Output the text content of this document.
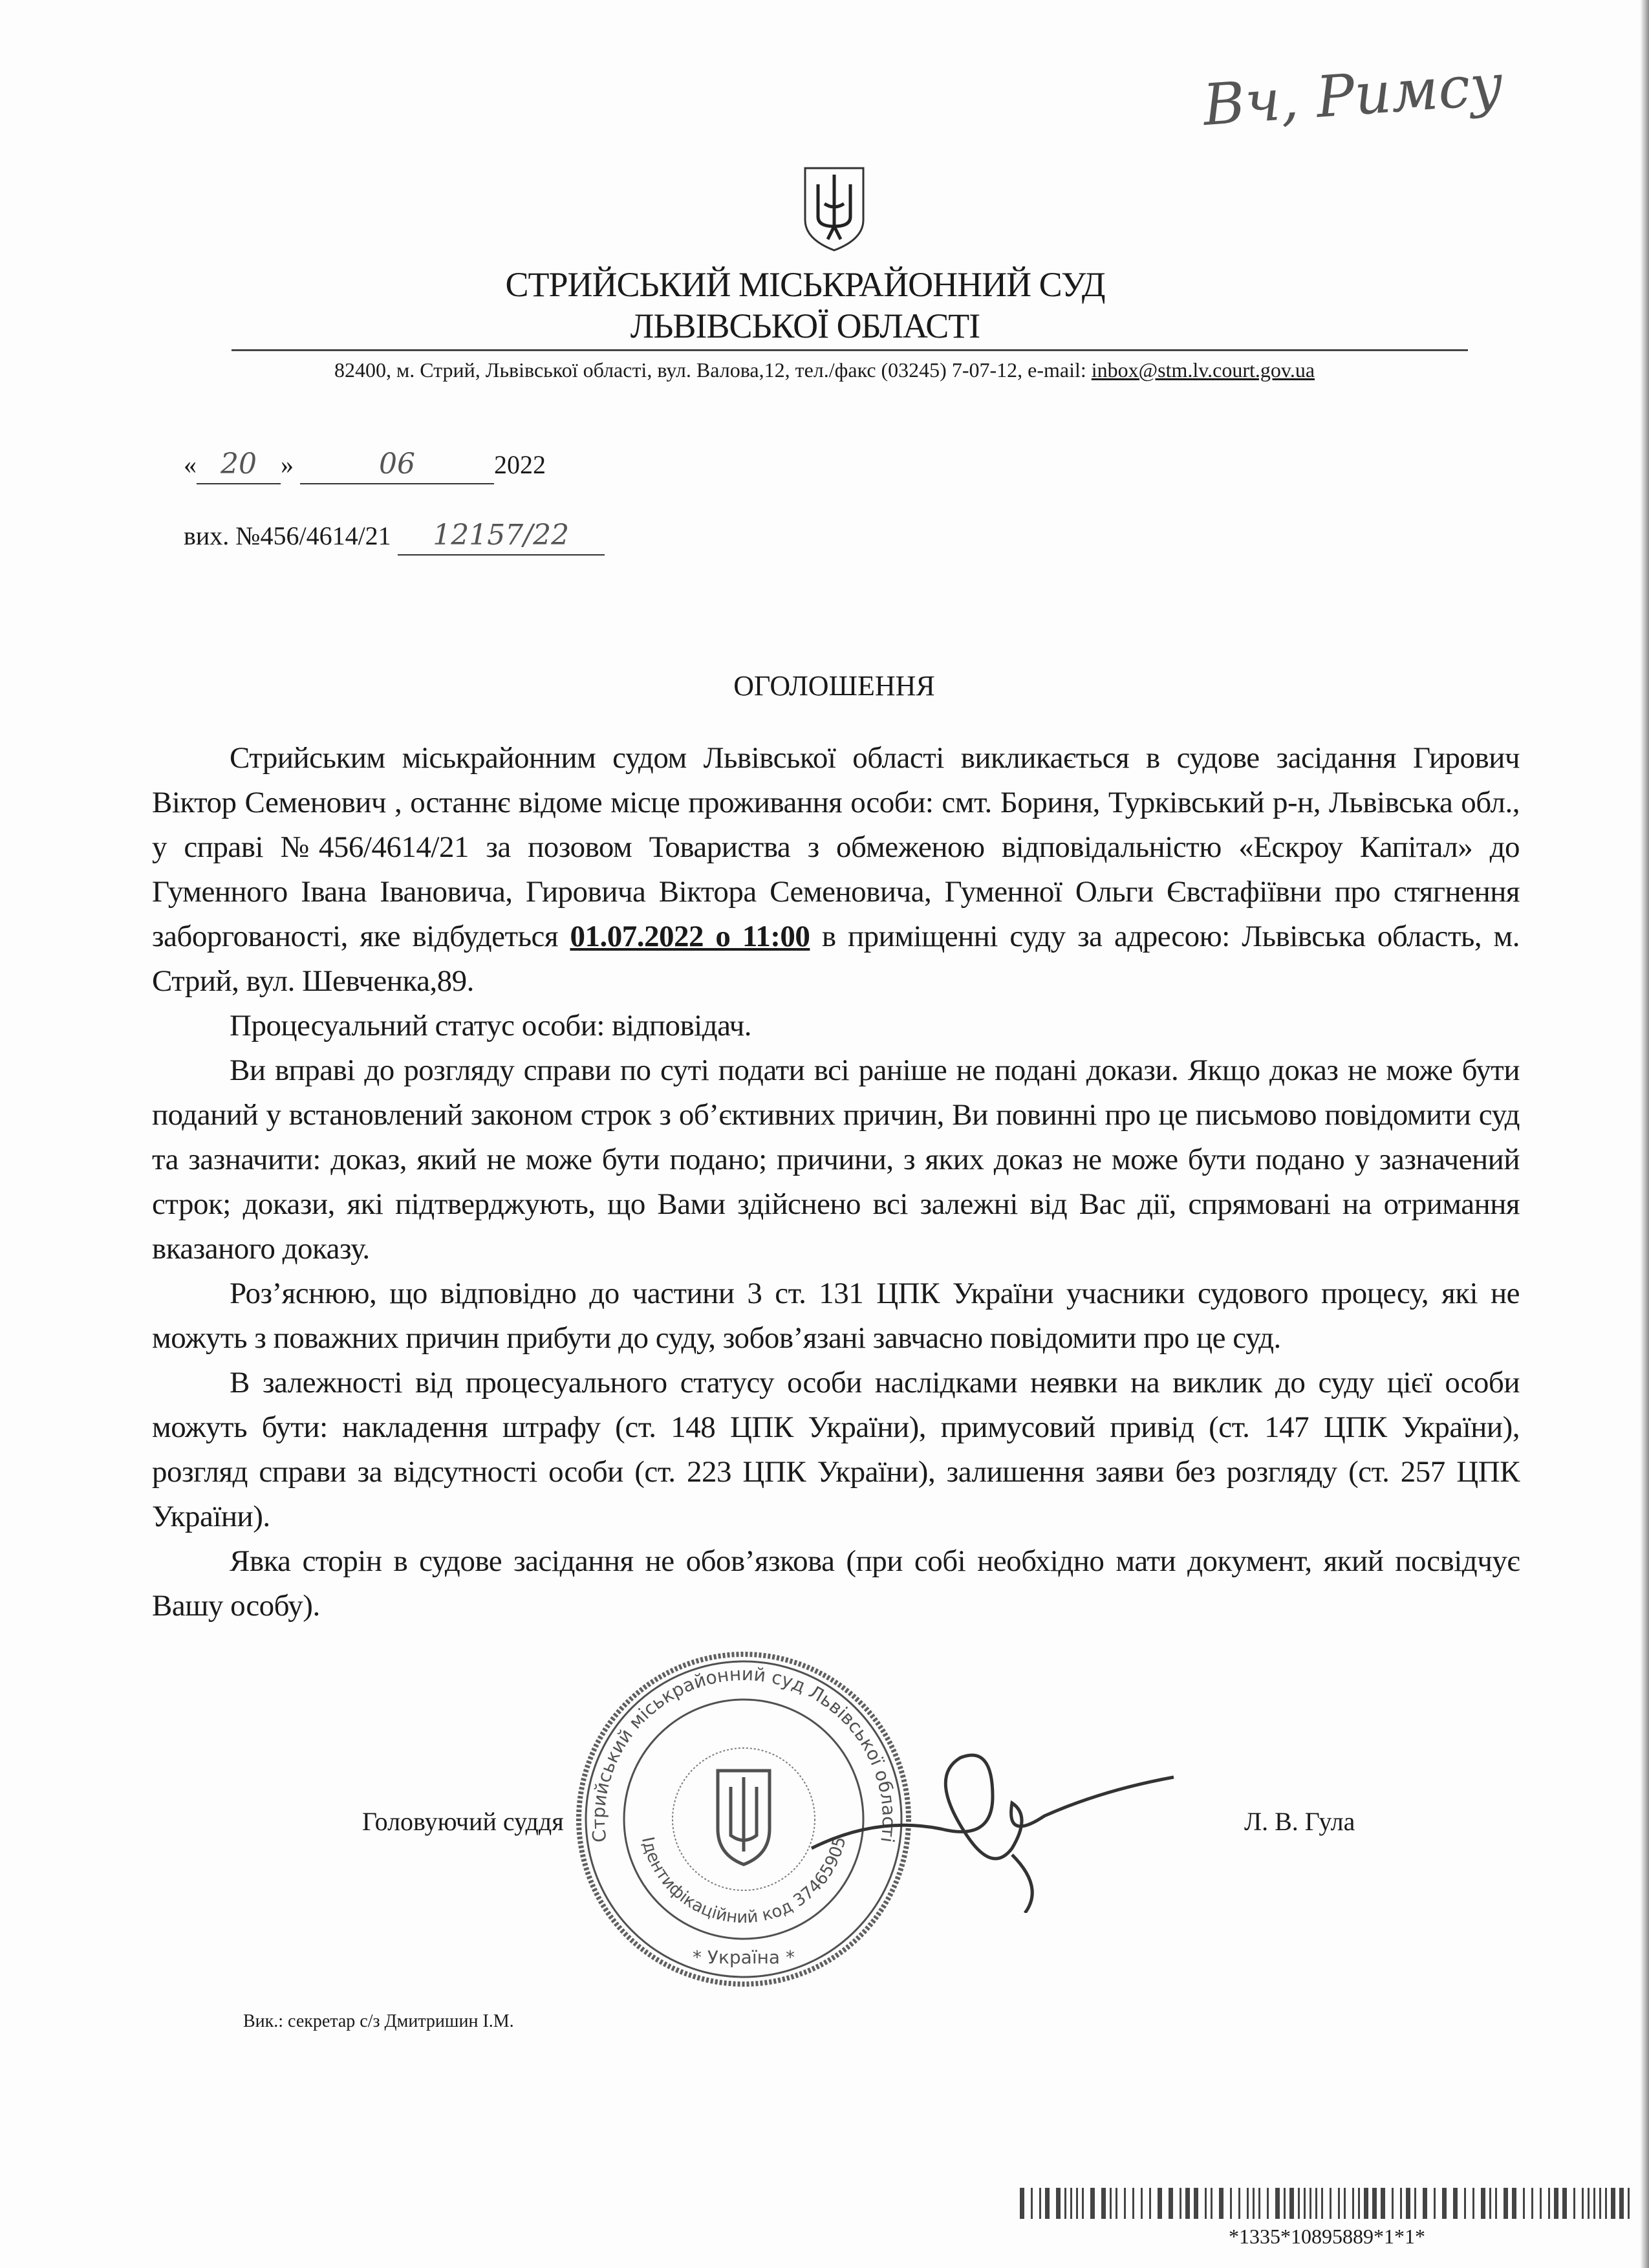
Вч, Римсу
СТРИЙСЬКИЙ МІСЬКРАЙОННИЙ СУД
ЛЬВІВСЬКОЇ ОБЛАСТІ
82400, м. Стрий, Львівської області, вул. Валова,12, тел./факс (03245) 7-07-12, e-mail: inbox@stm.lv.court.gov.ua
« 20 »	06	2022
вих. №456/4614/21 12157/22
ОГОЛОШЕННЯ

Стрийським міськрайонним судом Львівської області викликається в судове засідання Гирович Віктор Семенович , останнє відоме місце проживання особи: смт. Бориня, Турківський р-н, Львівська обл., у справі №456/4614/21 за позовом Товариства з обмеженою відповідальністю «Ескроу Капітал» до Гуменного Івана Івановича, Гировича Віктора Семеновича, Гуменної Ольги Євстафіївни про стягнення заборгованості, яке відбудеться 01.07.2022 о 11:00 в приміщенні суду за адресою: Львівська область, м. Стрий, вул. Шевченка,89.

Процесуальний статус особи: відповідач.

Ви вправі до розгляду справи по суті подати всі раніше не подані докази. Якщо доказ не може бути поданий у встановлений законом строк з об’єктивних причин, Ви повинні про це письмово повідомити суд та зазначити: доказ, який не може бути подано; причини, з яких доказ не може бути подано у зазначений строк; докази, які підтверджують, що Вами здійснено всі залежні від Вас дії, спрямовані на отримання вказаного доказу.

Роз’яснюю, що відповідно до частини 3 ст. 131 ЦПК України учасники судового процесу, які не можуть з поважних причин прибути до суду, зобов’язані завчасно повідомити про це суд.

В залежності від процесуального статусу особи наслідками неявки на виклик до суду цієї особи можуть бути: накладення штрафу (ст. 148 ЦПК України), примусовий привід (ст. 147 ЦПК України), розгляд справи за відсутності особи (ст. 223 ЦПК України), залишення заяви без розгляду (ст. 257 ЦПК України).

Явка сторін в судове засідання не обов’язкова (при собі необхідно мати документ, який посвідчує Вашу особу).

Головуючий суддя
Стрийський міськрайонний суд Львівської області
Ідентифікаційний код 37465905
* Україна *
Л. В. Гула
Вик.: секретар с/з Дмитришин І.М.
*1335*10895889*1*1*
